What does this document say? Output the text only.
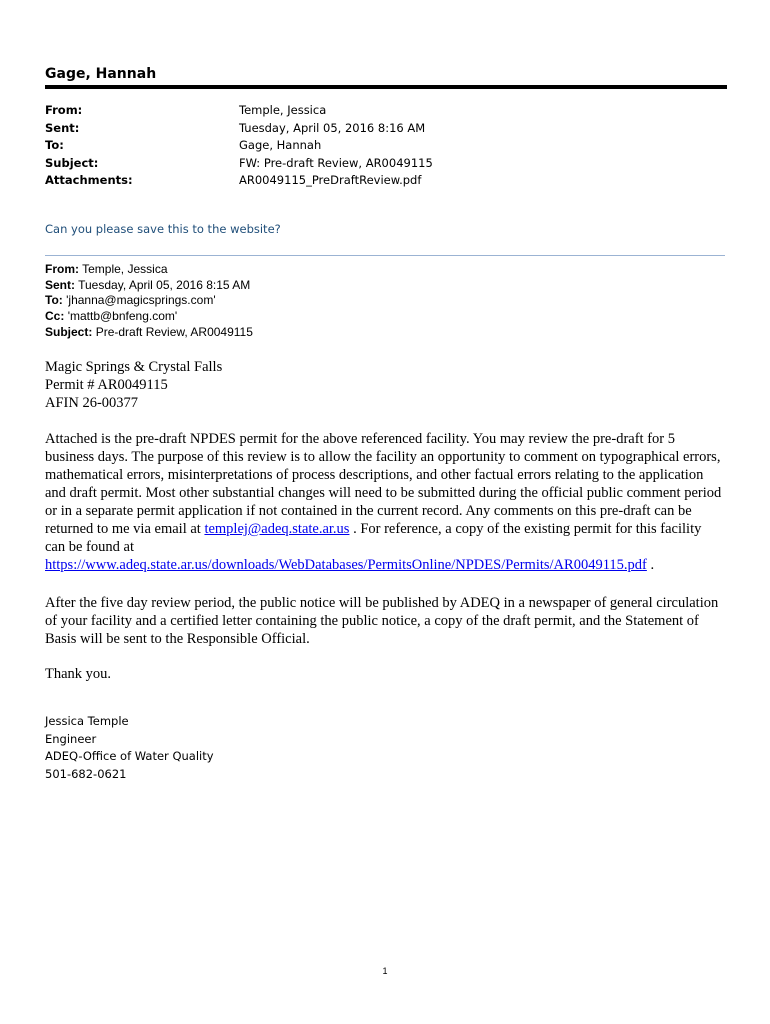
Gage, Hannah
From:	Temple, Jessica
Sent:	Tuesday, April 05, 2016 8:16 AM
To:	Gage, Hannah
Subject:	FW: Pre-draft Review, AR0049115
Attachments:	AR0049115_PreDraftReview.pdf
Can you please save this to the website?
From: Temple, Jessica
Sent: Tuesday, April 05, 2016 8:15 AM
To: 'jhanna@magicsprings.com'
Cc: 'mattb@bnfeng.com'
Subject: Pre-draft Review, AR0049115

Magic Springs & Crystal Falls
Permit # AR0049115
AFIN 26-00377

Attached is the pre-draft NPDES permit for the above referenced facility. You may review the pre-draft for 5 business days. The purpose of this review is to allow the facility an opportunity to comment on typographical errors, mathematical errors, misinterpretations of process descriptions, and other factual errors relating to the application and draft permit. Most other substantial changes will need to be submitted during the official public comment period or in a separate permit application if not contained in the current record. Any comments on this pre-draft can be returned to me via email at templej@adeq.state.ar.us . For reference, a copy of the existing permit for this facility can be found at https://www.adeq.state.ar.us/downloads/WebDatabases/PermitsOnline/NPDES/Permits/AR0049115.pdf .

After the five day review period, the public notice will be published by ADEQ in a newspaper of general circulation of your facility and a certified letter containing the public notice, a copy of the draft permit, and the Statement of Basis will be sent to the Responsible Official.

Thank you.

Jessica Temple
Engineer
ADEQ-Office of Water Quality
501-682-0621
1
